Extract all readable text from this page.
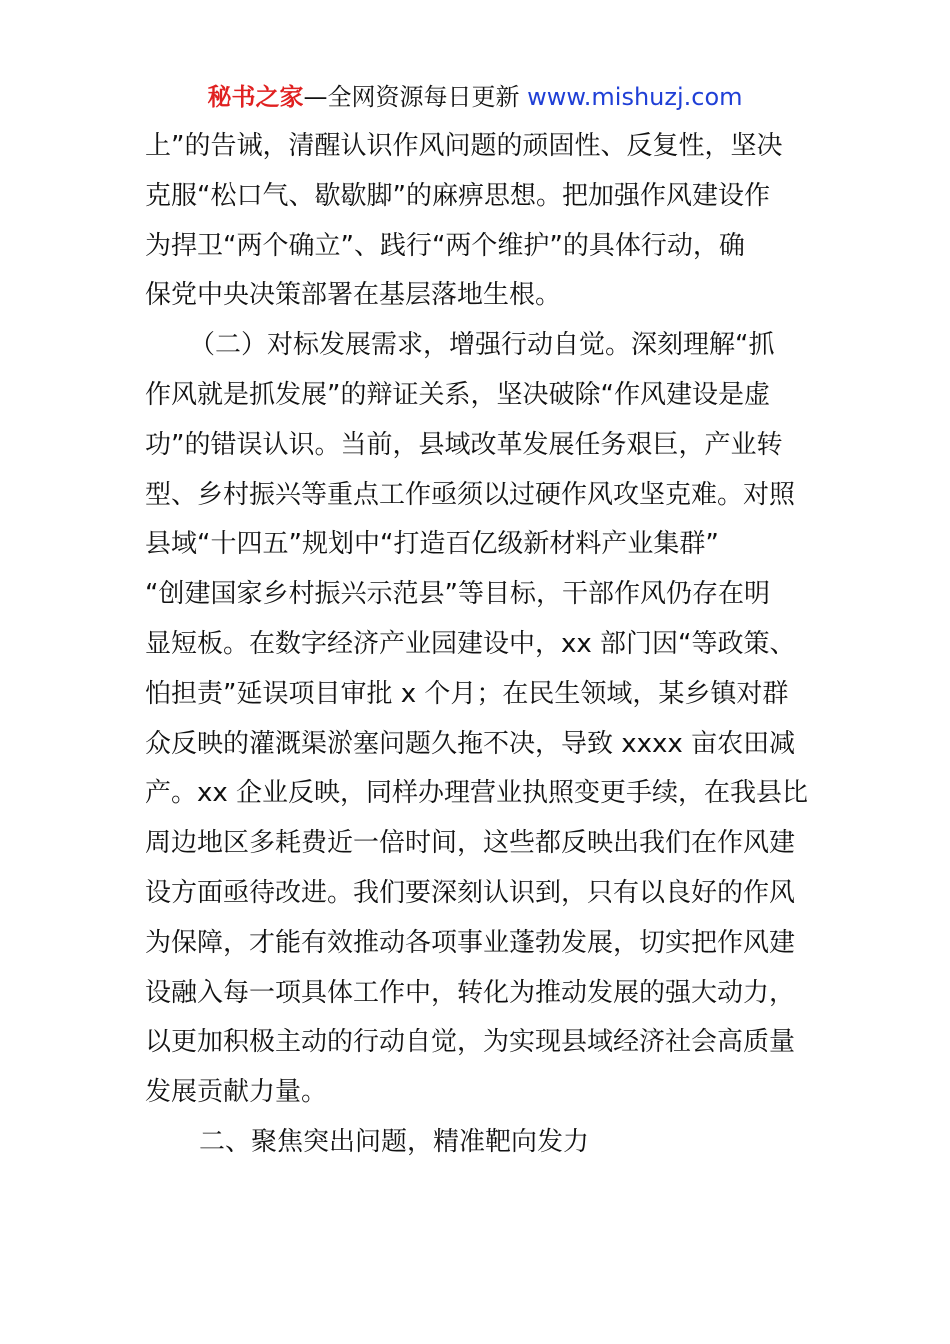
秘书之家—全网资源每日更新 www.mishuzj.com
上”的告诫，清醒认识作风问题的顽固性、反复性，坚决
克服“松口气、歇歇脚”的麻痹思想。把加强作风建设作
为捍卫“两个确立”、践行“两个维护”的具体行动，确
保党中央决策部署在基层落地生根。
（二）对标发展需求，增强行动自觉。深刻理解“抓
作风就是抓发展”的辩证关系，坚决破除“作风建设是虚
功”的错误认识。当前，县域改革发展任务艰巨，产业转
型、乡村振兴等重点工作亟须以过硬作风攻坚克难。对照
县域“十四五”规划中“打造百亿级新材料产业集群”
“创建国家乡村振兴示范县”等目标，干部作风仍存在明
显短板。在数字经济产业园建设中，xx 部门因“等政策、
怕担责”延误项目审批 x 个月；在民生领域，某乡镇对群
众反映的灌溉渠淤塞问题久拖不决，导致 xxxx 亩农田减
产。xx 企业反映，同样办理营业执照变更手续，在我县比
周边地区多耗费近一倍时间，这些都反映出我们在作风建
设方面亟待改进。我们要深刻认识到，只有以良好的作风
为保障，才能有效推动各项事业蓬勃发展，切实把作风建
设融入每一项具体工作中，转化为推动发展的强大动力，
以更加积极主动的行动自觉，为实现县域经济社会高质量
发展贡献力量。
二、聚焦突出问题，精准靶向发力
